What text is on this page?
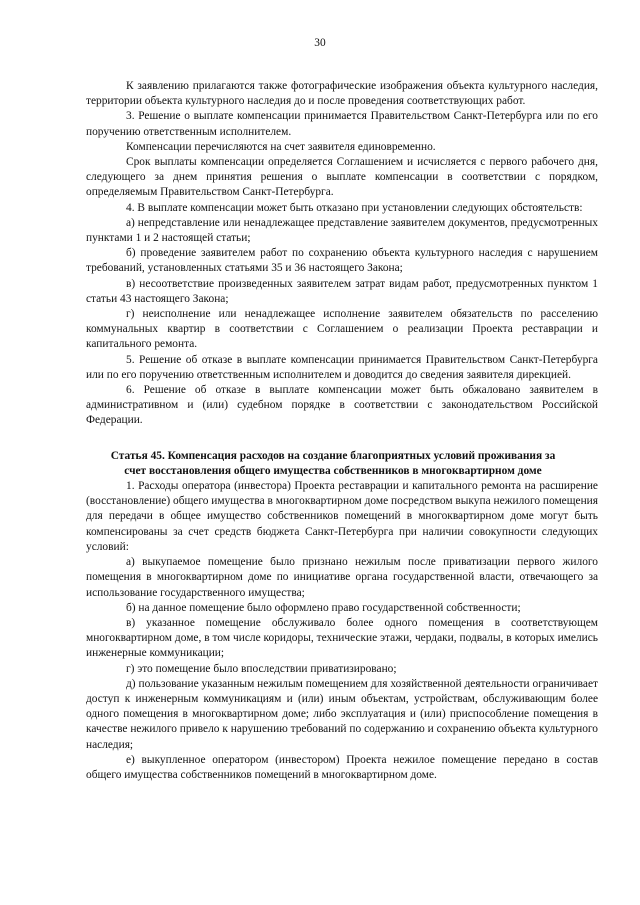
30

К заявлению прилагаются также фотографические изображения объекта культурного наследия, территории объекта культурного наследия до и после проведения соответствующих работ.

3. Решение о выплате компенсации принимается Правительством Санкт-Петербурга или по его поручению ответственным исполнителем.

Компенсации перечисляются на счет заявителя единовременно.

Срок выплаты компенсации определяется Соглашением и исчисляется с первого рабочего дня, следующего за днем принятия решения о выплате компенсации в соответствии с порядком, определяемым Правительством Санкт-Петербурга.

4. В выплате компенсации может быть отказано при установлении следующих обстоятельств:

а) непредставление или ненадлежащее представление заявителем документов, предусмотренных пунктами 1 и 2 настоящей статьи;

б) проведение заявителем работ по сохранению объекта культурного наследия с нарушением требований, установленных статьями 35 и 36 настоящего Закона;

в) несоответствие произведенных заявителем затрат видам работ, предусмотренных пунктом 1 статьи 43 настоящего Закона;

г) неисполнение или ненадлежащее исполнение заявителем обязательств по расселению коммунальных квартир в соответствии с Соглашением о реализации Проекта реставрации и капитального ремонта.

5. Решение об отказе в выплате компенсации принимается Правительством Санкт-Петербурга или по его поручению ответственным исполнителем и доводится до сведения заявителя дирекцией.

6. Решение об отказе в выплате компенсации может быть обжаловано заявителем в административном и (или) судебном порядке в соответствии с законодательством Российской Федерации.

Статья 45. Компенсация расходов на создание благоприятных условий проживания за счет восстановления общего имущества собственников в многоквартирном доме

1. Расходы оператора (инвестора) Проекта реставрации и капитального ремонта на расширение (восстановление) общего имущества в многоквартирном доме посредством выкупа нежилого помещения для передачи в общее имущество собственников помещений в многоквартирном доме могут быть компенсированы за счет средств бюджета Санкт-Петербурга при наличии совокупности следующих условий:

а) выкупаемое помещение было признано нежилым после приватизации первого жилого помещения в многоквартирном доме по инициативе органа государственной власти, отвечающего за использование государственного имущества;

б) на данное помещение было оформлено право государственной собственности;

в) указанное помещение обслуживало более одного помещения в соответствующем многоквартирном доме, в том числе коридоры, технические этажи, чердаки, подвалы, в которых имелись инженерные коммуникации;

г) это помещение было впоследствии приватизировано;

д) пользование указанным нежилым помещением для хозяйственной деятельности ограничивает доступ к инженерным коммуникациям и (или) иным объектам, устройствам, обслуживающим более одного помещения в многоквартирном доме; либо эксплуатация и (или) приспособление помещения в качестве нежилого привело к нарушению требований по содержанию и сохранению объекта культурного наследия;

е) выкупленное оператором (инвестором) Проекта нежилое помещение передано в состав общего имущества собственников помещений в многоквартирном доме.
